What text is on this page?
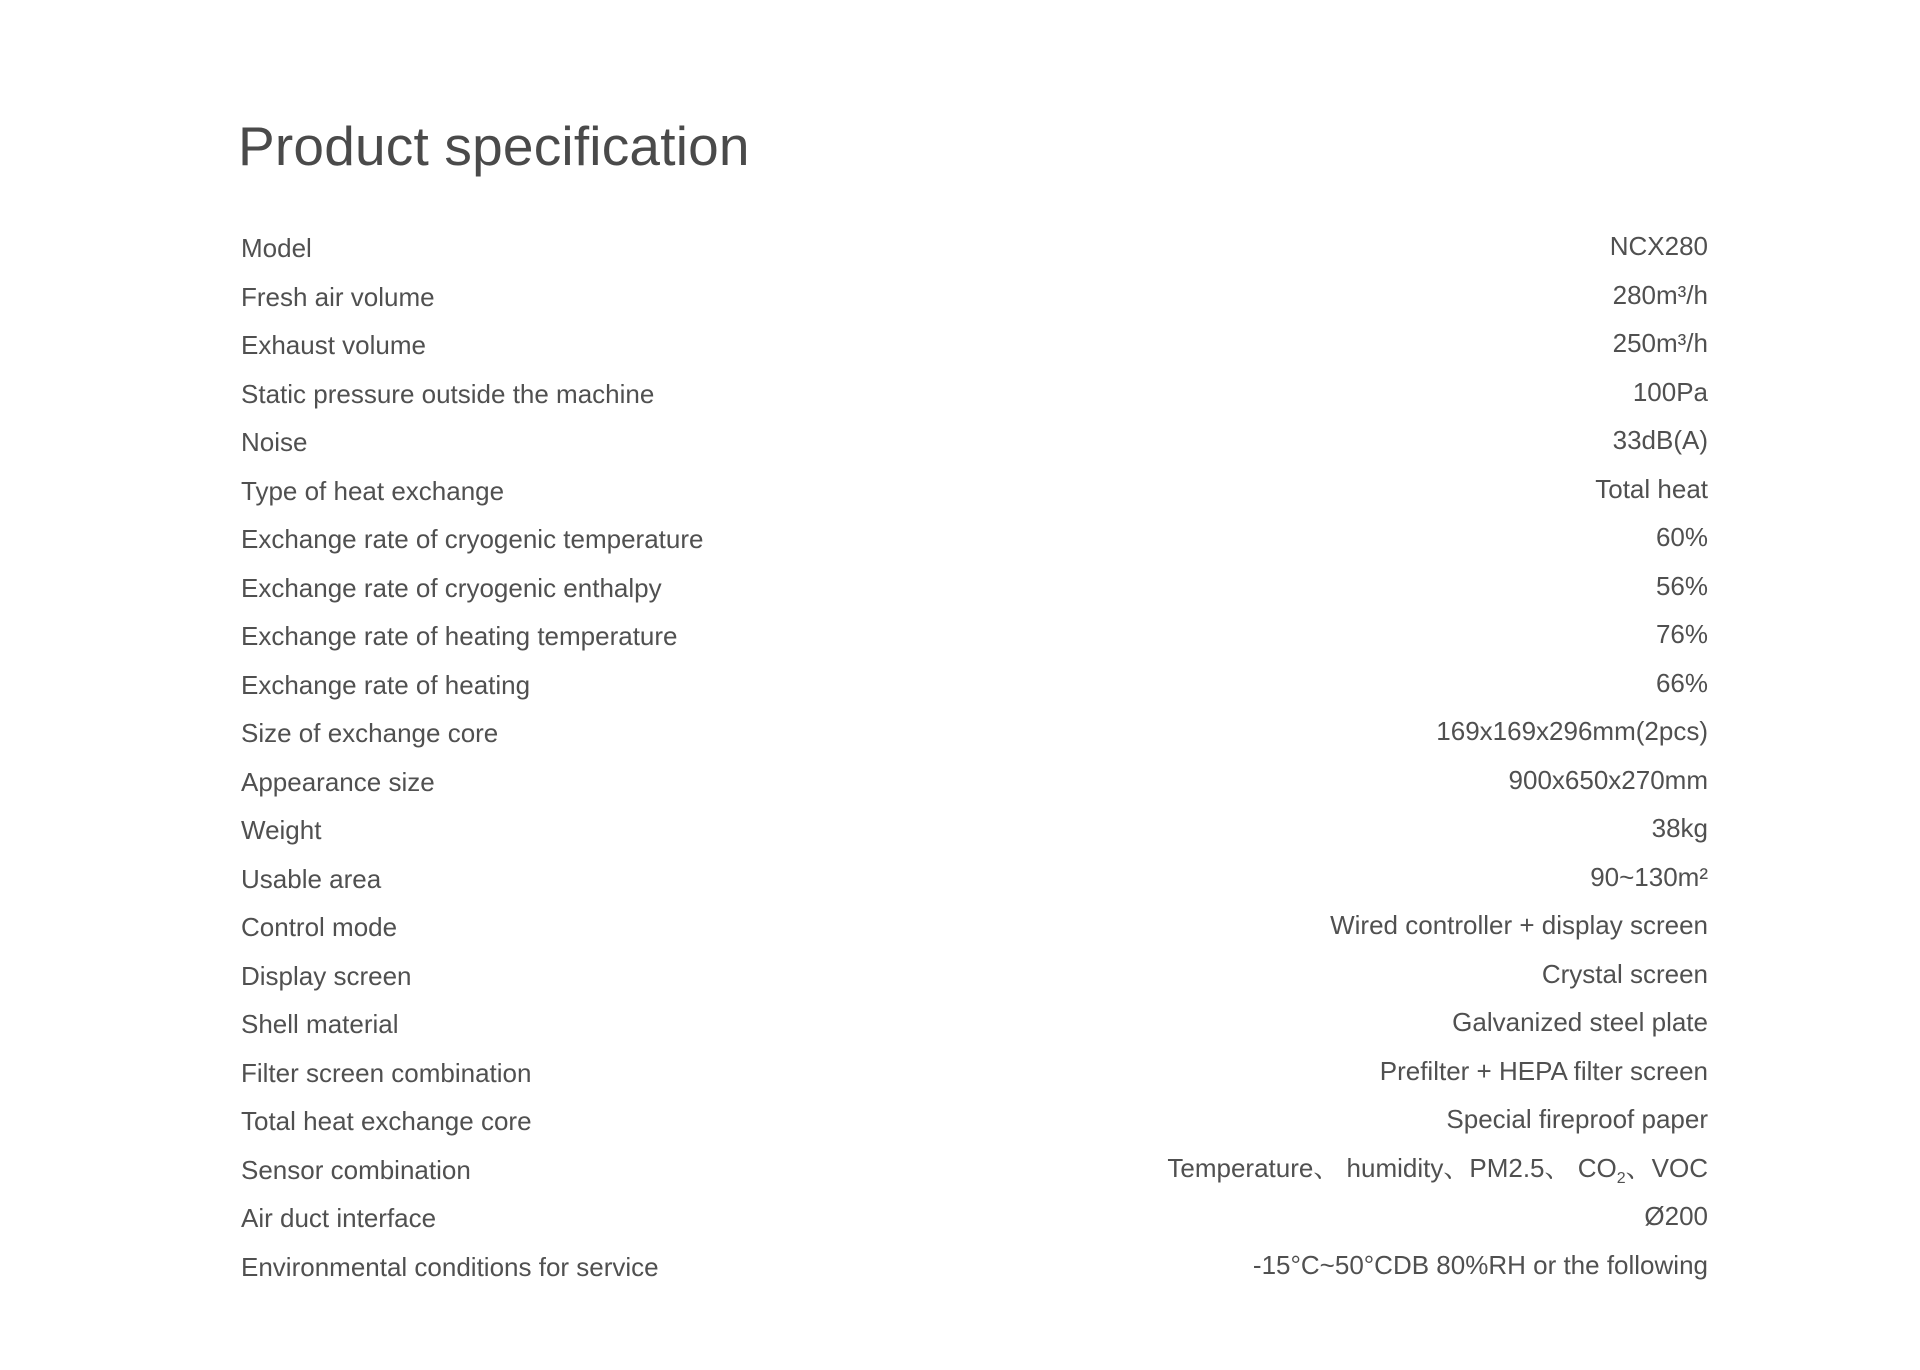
Product specification
Model	NCX280
Fresh air volume	280m³/h
Exhaust volume	250m³/h
Static pressure outside the machine	100Pa
Noise	33dB(A)
Type of heat exchange	Total heat
Exchange rate of cryogenic temperature	60%
Exchange rate of cryogenic enthalpy	56%
Exchange rate of heating temperature	76%
Exchange rate of heating	66%
Size of exchange core	169x169x296mm(2pcs)
Appearance size	900x650x270mm
Weight	38kg
Usable area	90~130m²
Control mode	Wired controller + display screen
Display screen	Crystal screen
Shell material	Galvanized steel plate
Filter screen combination	Prefilter + HEPA filter screen
Total heat exchange core	Special fireproof paper
Sensor combination	Temperature、 humidity、PM2.5、 $CO_2$、VOC
Air duct interface	Ø200
Environmental conditions for service	-15°C~50°CDB 80%RH or the following
